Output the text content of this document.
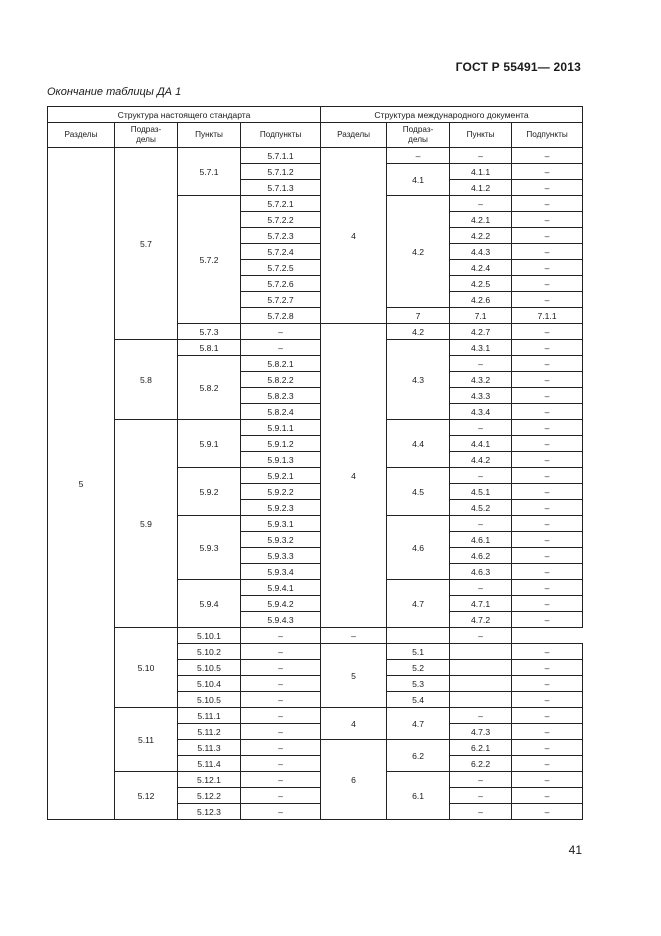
ГОСТ Р 55491— 2013
Окончание таблицы ДА 1
Структура настоящего стандарта				Структура международного документа				
Разделы	Подраз-
делы	Пункты	Подпункты	Разделы	Подраз-
делы	Пункты	Подпункты	
5	5.7	5.7.1	5.7.1.1	4	–	–	–	
			5.7.1.2		4.1	4.1.1	–	
			5.7.1.3			4.1.2	–	
		5.7.2	5.7.2.1		4.2	–	–	
			5.7.2.2			4.2.1	–	
			5.7.2.3			4.2.2	–	
			5.7.2.4			4.4.3	–	
			5.7.2.5			4.2.4	–	
			5.7.2.6			4.2.5	–	
			5.7.2.7			4.2.6	–	
			5.7.2.8		7	7.1	7.1.1	
		5.7.3	–	4	4.2	4.2.7	–	
	5.8	5.8.1	–		4.3	4.3.1	–	
		5.8.2	5.8.2.1			–	–	
			5.8.2.2			4.3.2	–	
			5.8.2.3			4.3.3	–	
			5.8.2.4			4.3.4	–	
	5.9	5.9.1	5.9.1.1		4.4	–	–	
			5.9.1.2			4.4.1	–	
			5.9.1.3			4.4.2	–	
		5.9.2	5.9.2.1		4.5	–	–	
			5.9.2.2			4.5.1	–	
			5.9.2.3			4.5.2	–	
		5.9.3	5.9.3.1		4.6	–	–	
			5.9.3.2			4.6.1	–	
			5.9.3.3			4.6.2	–	
			5.9.3.4			4.6.3	–	
		5.9.4	5.9.4.1		4.7	–	–	
			5.9.4.2			4.7.1	–	
			5.9.4.3			4.7.2	–	
	5.10	5.10.1	–	–		–		
		5.10.2	–	5	5.1		–	
		5.10.5	–		5.2		–	
		5.10.4	–		5.3		–	
		5.10.5	–		5.4		–	
	5.11	5.11.1	–	4	4.7	–	–	
		5.11.2	–			4.7.3	–	
		5.11.3	–	6	6.2	6.2.1	–	
		5.11.4	–			6.2.2	–	
	5.12	5.12.1	–		6.1	–	–	
		5.12.2	–			–	–	
		5.12.3	–			–	–	
41
